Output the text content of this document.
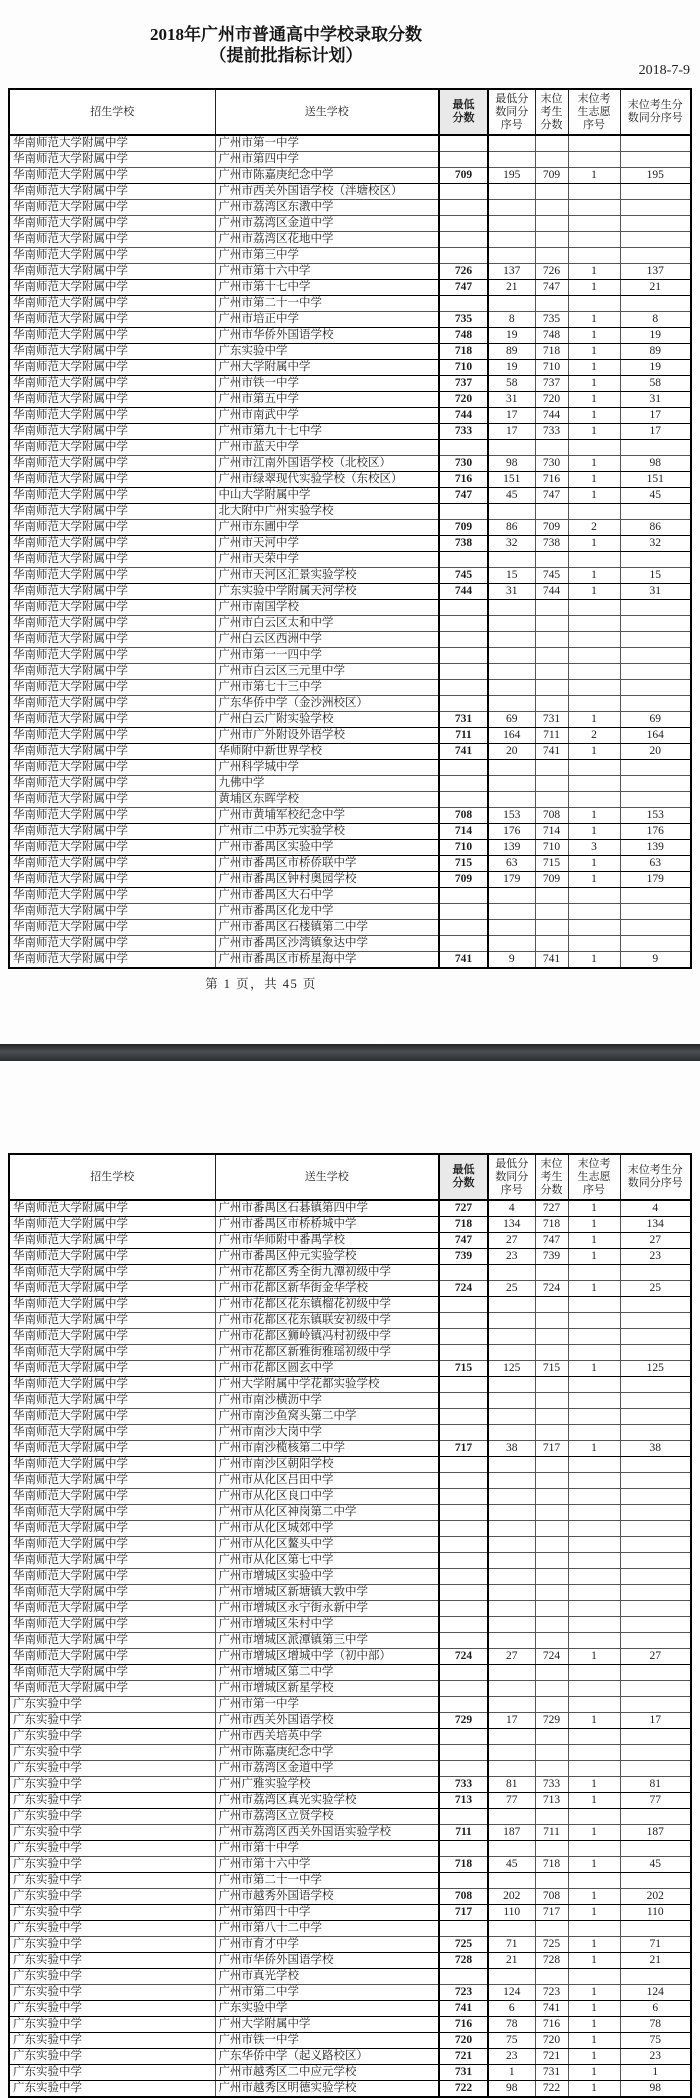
2018年广州市普通高中学校录取分数
（提前批指标计划）
2018-7-9
招生学校	送生学校	最低分数	最低分数同分序号	末位考生分数	末位考生志愿序号	末位考生分数同分序号
华南师范大学附属中学	广州市第一中学					
华南师范大学附属中学	广州市第四中学					
华南师范大学附属中学	广州市陈嘉庚纪念中学	709	195	709	1	195
华南师范大学附属中学	广州市西关外国语学校（泮塘校区）					
华南师范大学附属中学	广州市荔湾区东漖中学					
华南师范大学附属中学	广州市荔湾区金道中学					
华南师范大学附属中学	广州市荔湾区花地中学					
华南师范大学附属中学	广州市第三中学					
华南师范大学附属中学	广州市第十六中学	726	137	726	1	137
华南师范大学附属中学	广州市第十七中学	747	21	747	1	21
华南师范大学附属中学	广州市第二十一中学					
华南师范大学附属中学	广州市培正中学	735	8	735	1	8
华南师范大学附属中学	广州市华侨外国语学校	748	19	748	1	19
华南师范大学附属中学	广东实验中学	718	89	718	1	89
华南师范大学附属中学	广州大学附属中学	710	19	710	1	19
华南师范大学附属中学	广州市铁一中学	737	58	737	1	58
华南师范大学附属中学	广州市第五中学	720	31	720	1	31
华南师范大学附属中学	广州市南武中学	744	17	744	1	17
华南师范大学附属中学	广州市第九十七中学	733	17	733	1	17
华南师范大学附属中学	广州市蓝天中学					
华南师范大学附属中学	广州市江南外国语学校（北校区）	730	98	730	1	98
华南师范大学附属中学	广州市绿翠现代实验学校（东校区）	716	151	716	1	151
华南师范大学附属中学	中山大学附属中学	747	45	747	1	45
华南师范大学附属中学	北大附中广州实验学校					
华南师范大学附属中学	广州市东圃中学	709	86	709	2	86
华南师范大学附属中学	广州市天河中学	738	32	738	1	32
华南师范大学附属中学	广州市天荣中学					
华南师范大学附属中学	广州市天河区汇景实验学校	745	15	745	1	15
华南师范大学附属中学	广东实验中学附属天河学校	744	31	744	1	31
华南师范大学附属中学	广州市南国学校					
华南师范大学附属中学	广州市白云区太和中学					
华南师范大学附属中学	广州白云区西洲中学					
华南师范大学附属中学	广州市第一一四中学					
华南师范大学附属中学	广州市白云区三元里中学					
华南师范大学附属中学	广州市第七十三中学					
华南师范大学附属中学	广东华侨中学（金沙洲校区）					
华南师范大学附属中学	广州白云广附实验学校	731	69	731	1	69
华南师范大学附属中学	广州市广外附设外语学校	711	164	711	2	164
华南师范大学附属中学	华师附中新世界学校	741	20	741	1	20
华南师范大学附属中学	广州科学城中学					
华南师范大学附属中学	九佛中学					
华南师范大学附属中学	黄埔区东晖学校					
华南师范大学附属中学	广州市黄埔军校纪念中学	708	153	708	1	153
华南师范大学附属中学	广州市二中苏元实验学校	714	176	714	1	176
华南师范大学附属中学	广州市番禺区实验中学	710	139	710	3	139
华南师范大学附属中学	广州市番禺区市桥侨联中学	715	63	715	1	63
华南师范大学附属中学	广州市番禺区钟村奥园学校	709	179	709	1	179
华南师范大学附属中学	广州市番禺区大石中学					
华南师范大学附属中学	广州市番禺区化龙中学					
华南师范大学附属中学	广州市番禺区石楼镇第二中学					
华南师范大学附属中学	广州市番禺区沙湾镇象达中学					
华南师范大学附属中学	广州市番禺区市桥星海中学	741	9	741	1	9
第 1 页，共 45 页
招生学校	送生学校	最低分数	最低分数同分序号	末位考生分数	末位考生志愿序号	末位考生分数同分序号
华南师范大学附属中学	广州市番禺区石碁镇第四中学	727	4	727	1	4
华南师范大学附属中学	广州市番禺区市桥桥城中学	718	134	718	1	134
华南师范大学附属中学	广州市华师附中番禺学校	747	27	747	1	27
华南师范大学附属中学	广州市番禺区仲元实验学校	739	23	739	1	23
华南师范大学附属中学	广州市花都区秀全街九潭初级中学					
华南师范大学附属中学	广州市花都区新华街金华学校	724	25	724	1	25
华南师范大学附属中学	广州市花都区花东镇榴花初级中学					
华南师范大学附属中学	广州市花都区花东镇联安初级中学					
华南师范大学附属中学	广州市花都区狮岭镇冯村初级中学					
华南师范大学附属中学	广州市花都区新雅街雅瑶初级中学					
华南师范大学附属中学	广州市花都区圆玄中学	715	125	715	1	125
华南师范大学附属中学	广州大学附属中学花都实验学校					
华南师范大学附属中学	广州市南沙横沥中学					
华南师范大学附属中学	广州市南沙鱼窝头第二中学					
华南师范大学附属中学	广州市南沙大岗中学					
华南师范大学附属中学	广州市南沙榄核第二中学	717	38	717	1	38
华南师范大学附属中学	广州市南沙区朝阳学校					
华南师范大学附属中学	广州市从化区吕田中学					
华南师范大学附属中学	广州市从化区良口中学					
华南师范大学附属中学	广州市从化区神岗第二中学					
华南师范大学附属中学	广州市从化区城郊中学					
华南师范大学附属中学	广州市从化区鳌头中学					
华南师范大学附属中学	广州市从化区第七中学					
华南师范大学附属中学	广州市增城区实验中学					
华南师范大学附属中学	广州市增城区新塘镇大敦中学					
华南师范大学附属中学	广州市增城区永宁街永新中学					
华南师范大学附属中学	广州市增城区朱村中学					
华南师范大学附属中学	广州市增城区派潭镇第三中学					
华南师范大学附属中学	广州市增城区增城中学（初中部）	724	27	724	1	27
华南师范大学附属中学	广州市增城区第二中学					
华南师范大学附属中学	广州市增城区新星学校					
广东实验中学	广州市第一中学					
广东实验中学	广州市西关外国语学校	729	17	729	1	17
广东实验中学	广州市西关培英中学					
广东实验中学	广州市陈嘉庚纪念中学					
广东实验中学	广州市荔湾区金道中学					
广东实验中学	广州广雅实验学校	733	81	733	1	81
广东实验中学	广州市荔湾区真光实验学校	713	77	713	1	77
广东实验中学	广州市荔湾区立贤学校					
广东实验中学	广州市荔湾区西关外国语实验学校	711	187	711	1	187
广东实验中学	广州市第十中学					
广东实验中学	广州市第十六中学	718	45	718	1	45
广东实验中学	广州市第二十一中学					
广东实验中学	广州市越秀外国语学校	708	202	708	1	202
广东实验中学	广州市第四十中学	717	110	717	1	110
广东实验中学	广州市第八十二中学					
广东实验中学	广州市育才中学	725	71	725	1	71
广东实验中学	广州市华侨外国语学校	728	21	728	1	21
广东实验中学	广州市真光学校					
广东实验中学	广州市第二中学	723	124	723	1	124
广东实验中学	广东实验中学	741	6	741	1	6
广东实验中学	广州大学附属中学	716	78	716	1	78
广东实验中学	广州市铁一中学	720	75	720	1	75
广东实验中学	广东华侨中学（起义路校区）	721	23	721	1	23
广东实验中学	广州市越秀区二中应元学校	731	1	731	1	1
广东实验中学	广州市越秀区明德实验学校	722	98	722	1	98
